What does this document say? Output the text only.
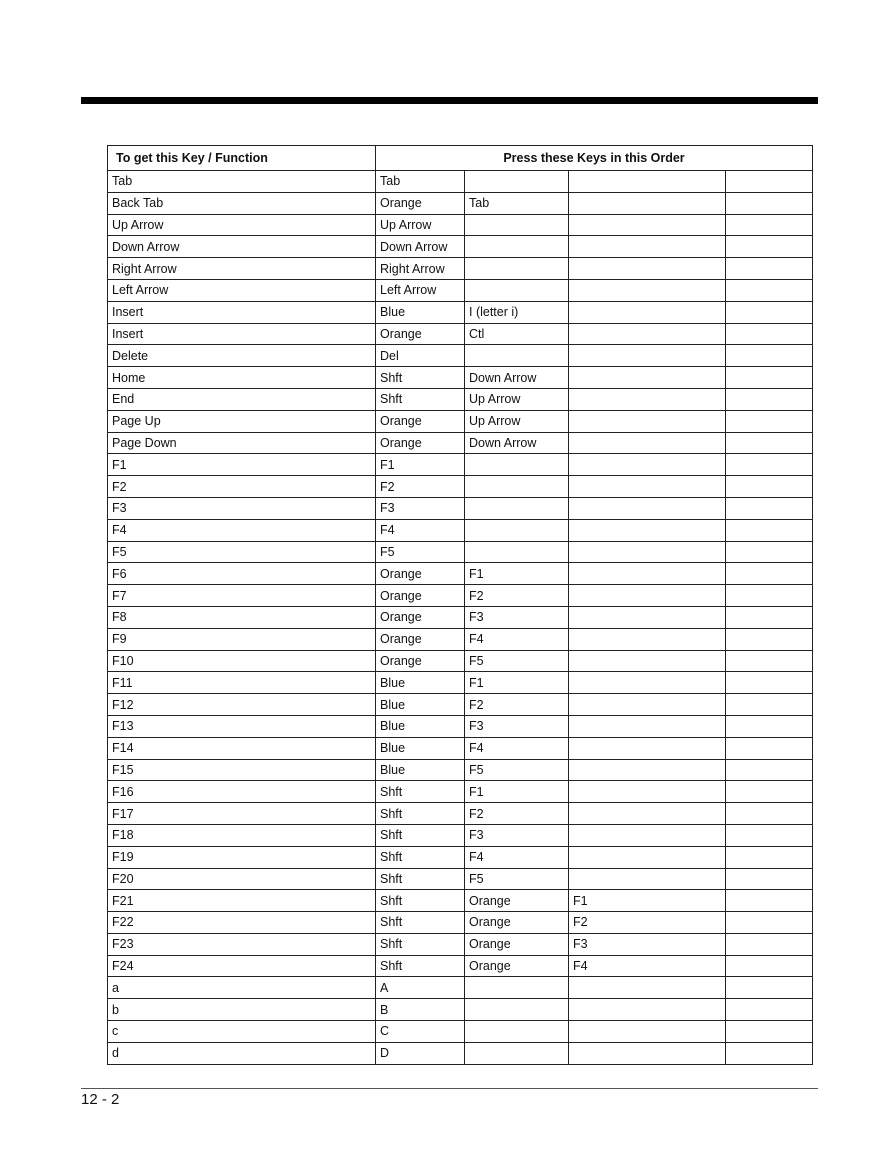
To get this Key / Function	Press these Keys in this Order			
Tab	Tab			
Back Tab	Orange	Tab		
Up Arrow	Up Arrow			
Down Arrow	Down Arrow			
Right Arrow	Right Arrow			
Left Arrow	Left Arrow			
Insert	Blue	I (letter i)		
Insert	Orange	Ctl		
Delete	Del			
Home	Shft	Down Arrow		
End	Shft	Up Arrow		
Page Up	Orange	Up Arrow		
Page Down	Orange	Down Arrow		
F1	F1			
F2	F2			
F3	F3			
F4	F4			
F5	F5			
F6	Orange	F1		
F7	Orange	F2		
F8	Orange	F3		
F9	Orange	F4		
F10	Orange	F5		
F11	Blue	F1		
F12	Blue	F2		
F13	Blue	F3		
F14	Blue	F4		
F15	Blue	F5		
F16	Shft	F1		
F17	Shft	F2		
F18	Shft	F3		
F19	Shft	F4		
F20	Shft	F5		
F21	Shft	Orange	F1	
F22	Shft	Orange	F2	
F23	Shft	Orange	F3	
F24	Shft	Orange	F4	
a	A			
b	B			
c	C			
d	D			
12 - 2
